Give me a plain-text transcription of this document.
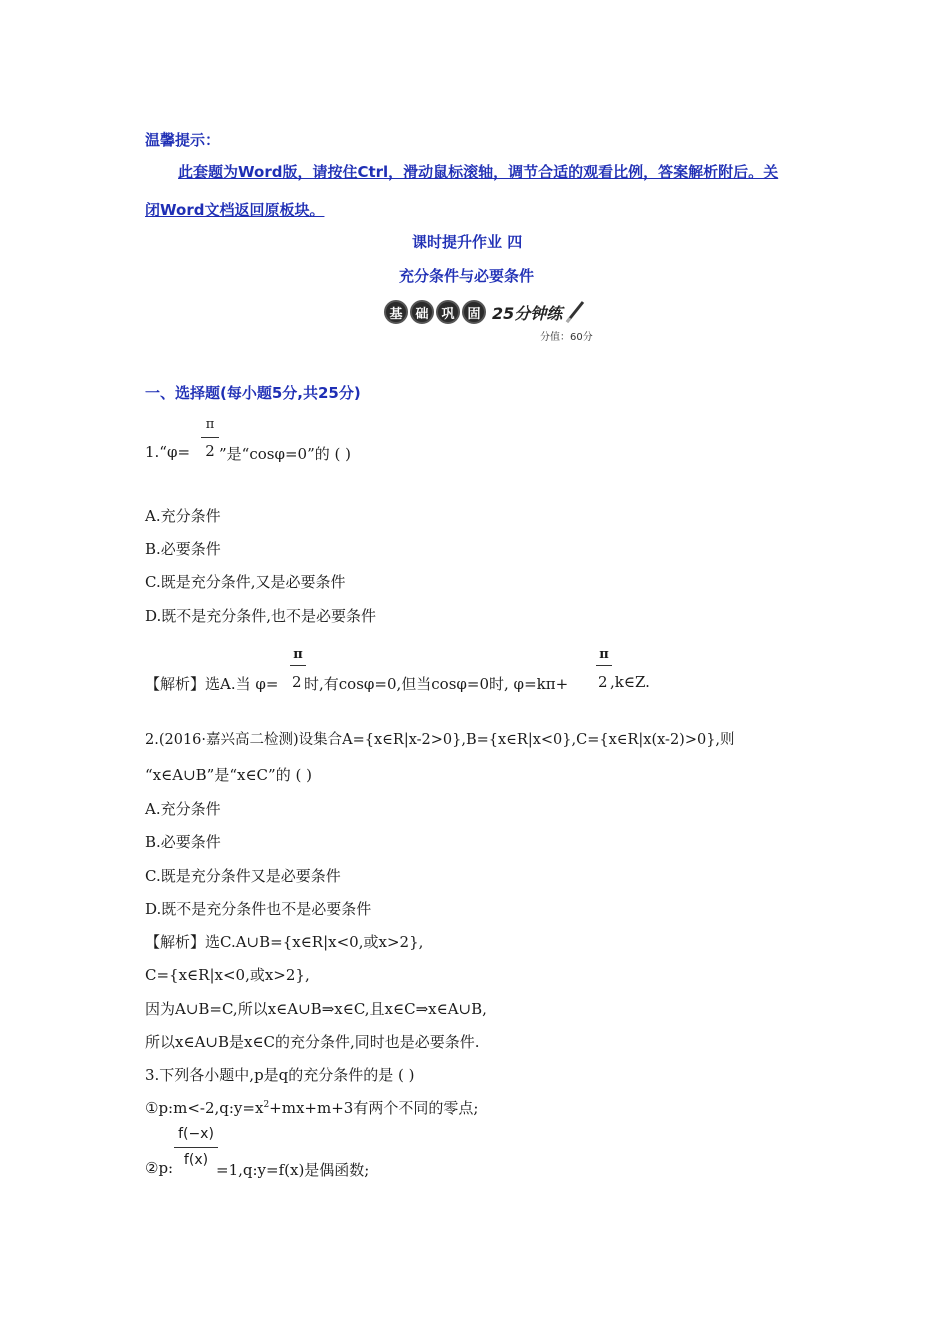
温馨提示：
此套题为Word版，请按住Ctrl，滑动鼠标滚轴，调节合适的观看比例，答案解析附后。关
闭Word文档返回原板块。
课时提升作业 四
充分条件与必要条件
基 础 巩 固 25分钟练
分值：60分
一、选择题(每小题5分,共25分)
π
1.“φ= 2 ”是“cosφ=0”的 ( )
A.充分条件
B.必要条件
C.既是充分条件,又是必要条件
D.既不是充分条件,也不是必要条件
π	π
【解析】选A.当 φ= 2 时,有cosφ=0,但当cosφ=0时, φ=kπ+ 2 ,k∈Z.
2.(2016·嘉兴高二检测)设集合A={x∈R|x-2>0},B={x∈R|x<0},C={x∈R|x(x-2)>0},则
“x∈A∪B”是“x∈C”的 ( )
A.充分条件
B.必要条件
C.既是充分条件又是必要条件
D.既不是充分条件也不是必要条件
【解析】选C.A∪B={x∈R|x<0,或x>2},
C={x∈R|x<0,或x>2},
因为A∪B=C,所以x∈A∪B⇒x∈C,且x∈C⇒x∈A∪B,
所以x∈A∪B是x∈C的充分条件,同时也是必要条件.
3.下列各小题中,p是q的充分条件的是 ( )
$①p:m<-2,q:y=x^2+mx+m+3$有两个不同的零点;
f(−x)
f(x)
②p:	=1,q:y=f(x)是偶函数;
